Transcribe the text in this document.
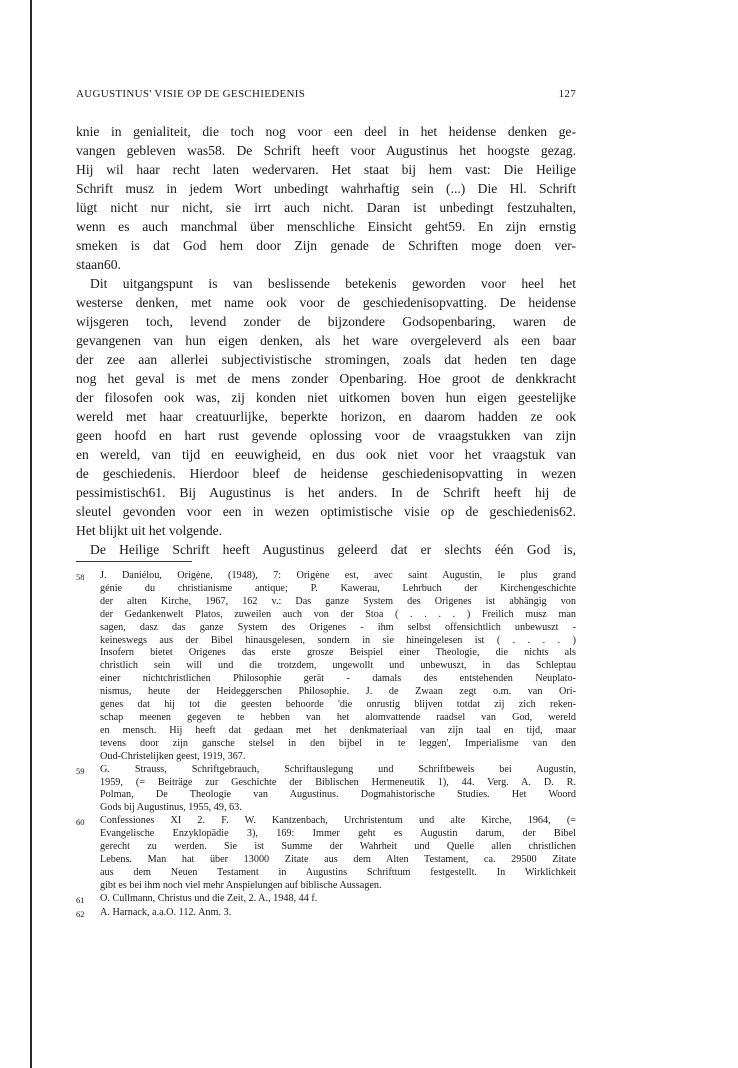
AUGUSTINUS' VISIE OP DE GESCHIEDENIS	127
knie in genialiteit, die toch nog voor een deel in het heidense denken ge-
vangen gebleven was58. De Schrift heeft voor Augustinus het hoogste gezag.
Hij wil haar recht laten wedervaren. Het staat bij hem vast: Die Heilige
Schrift musz in jedem Wort unbedingt wahrhaftig sein (...) Die Hl. Schrift
lügt nicht nur nicht, sie irrt auch nicht. Daran ist unbedingt festzuhalten,
wenn es auch manchmal über menschliche Einsicht geht59. En zijn ernstig
smeken is dat God hem door Zijn genade de Schriften moge doen ver-
staan60.
Dit uitgangspunt is van beslissende betekenis geworden voor heel het
westerse denken, met name ook voor de geschiedenisopvatting. De heidense
wijsgeren toch, levend zonder de bijzondere Godsopenbaring, waren de
gevangenen van hun eigen denken, als het ware overgeleverd als een baar
der zee aan allerlei subjectivistische stromingen, zoals dat heden ten dage
nog het geval is met de mens zonder Openbaring. Hoe groot de denkkracht
der filosofen ook was, zij konden niet uitkomen boven hun eigen geestelijke
wereld met haar creatuurlijke, beperkte horizon, en daarom hadden ze ook
geen hoofd en hart rust gevende oplossing voor de vraagstukken van zijn
en wereld, van tijd en eeuwigheid, en dus ook niet voor het vraagstuk van
de geschiedenis. Hierdoor bleef de heidense geschiedenisopvatting in wezen
pessimistisch61. Bij Augustinus is het anders. In de Schrift heeft hij de
sleutel gevonden voor een in wezen optimistische visie op de geschiedenis62.
Het blijkt uit het volgende.
De Heilige Schrift heeft Augustinus geleerd dat er slechts één God is,
58	J. Daniélou, Origène, (1948), 7: Origène est, avec saint Augustin, le plus grand
génie du christianisme antique; P. Kawerau, Lehrbuch der Kirchengeschichte
der alten Kirche, 1967, 162 v.: Das ganze System des Origenes ist abhängig von
der Gedankenwelt Platos, zuweilen auch von der Stoa ( . . . . ) Freilich musz man
sagen, dasz das ganze System des Origenes - ihm selbst offensichtlich unbewuszt -
keineswegs aus der Bibel hinausgelesen, sondern in sie hineingelesen ist ( . . . . )
Insofern bietet Origenes das erste grosze Beispiel einer Theologie, die nichts als
christlich sein will und die trotzdem, ungewollt und unbewuszt, in das Schleptau
einer nichtchristlichen Philosophie gerät - damals des entstehenden Neuplato-
nismus, heute der Heideggerschen Philosophie. J. de Zwaan zegt o.m. van Ori-
genes dat hij tot die geesten behoorde 'die onrustig blijven totdat zij zich reken-
schap meenen gegeven te hebben van het alomvattende raadsel van God, wereld
en mensch. Hij heeft dat gedaan met het denkmateriaal van zijn taal en tijd, maar
tevens door zijn gansche stelsel in den bijbel in te leggen', Imperialisme van den
Oud-Christelijken geest, 1919, 367.
59	G. Strauss, Schriftgebrauch, Schriftauslegung und Schriftbeweis bei Augustin,
1959, (= Beiträge zur Geschichte der Biblischen Hermeneutik 1), 44. Verg. A. D. R.
Polman, De Theologie van Augustinus. Dogmahistorische Studies. Het Woord
Gods bij Augustinus, 1955, 49, 63.
60	Confessiones XI 2. F. W. Kantzenbach, Urchristentum und alte Kirche, 1964, (=
Evangelische Enzyklopädie 3), 169: Immer geht es Augustin darum, der Bibel
gerecht zu werden. Sie ist Summe der Wahrheit und Quelle allen christlichen
Lebens. Man hat über 13000 Zitate aus dem Alten Testament, ca. 29500 Zitate
aus dem Neuen Testament in Augustins Schrifttum festgestellt. In Wirklichkeit
gibt es bei ihm noch viel mehr Anspielungen auf biblische Aussagen.
61	O. Cullmann, Christus und die Zeit, 2. A., 1948, 44 f.
62	A. Harnack, a.a.O. 112. Anm. 3.
